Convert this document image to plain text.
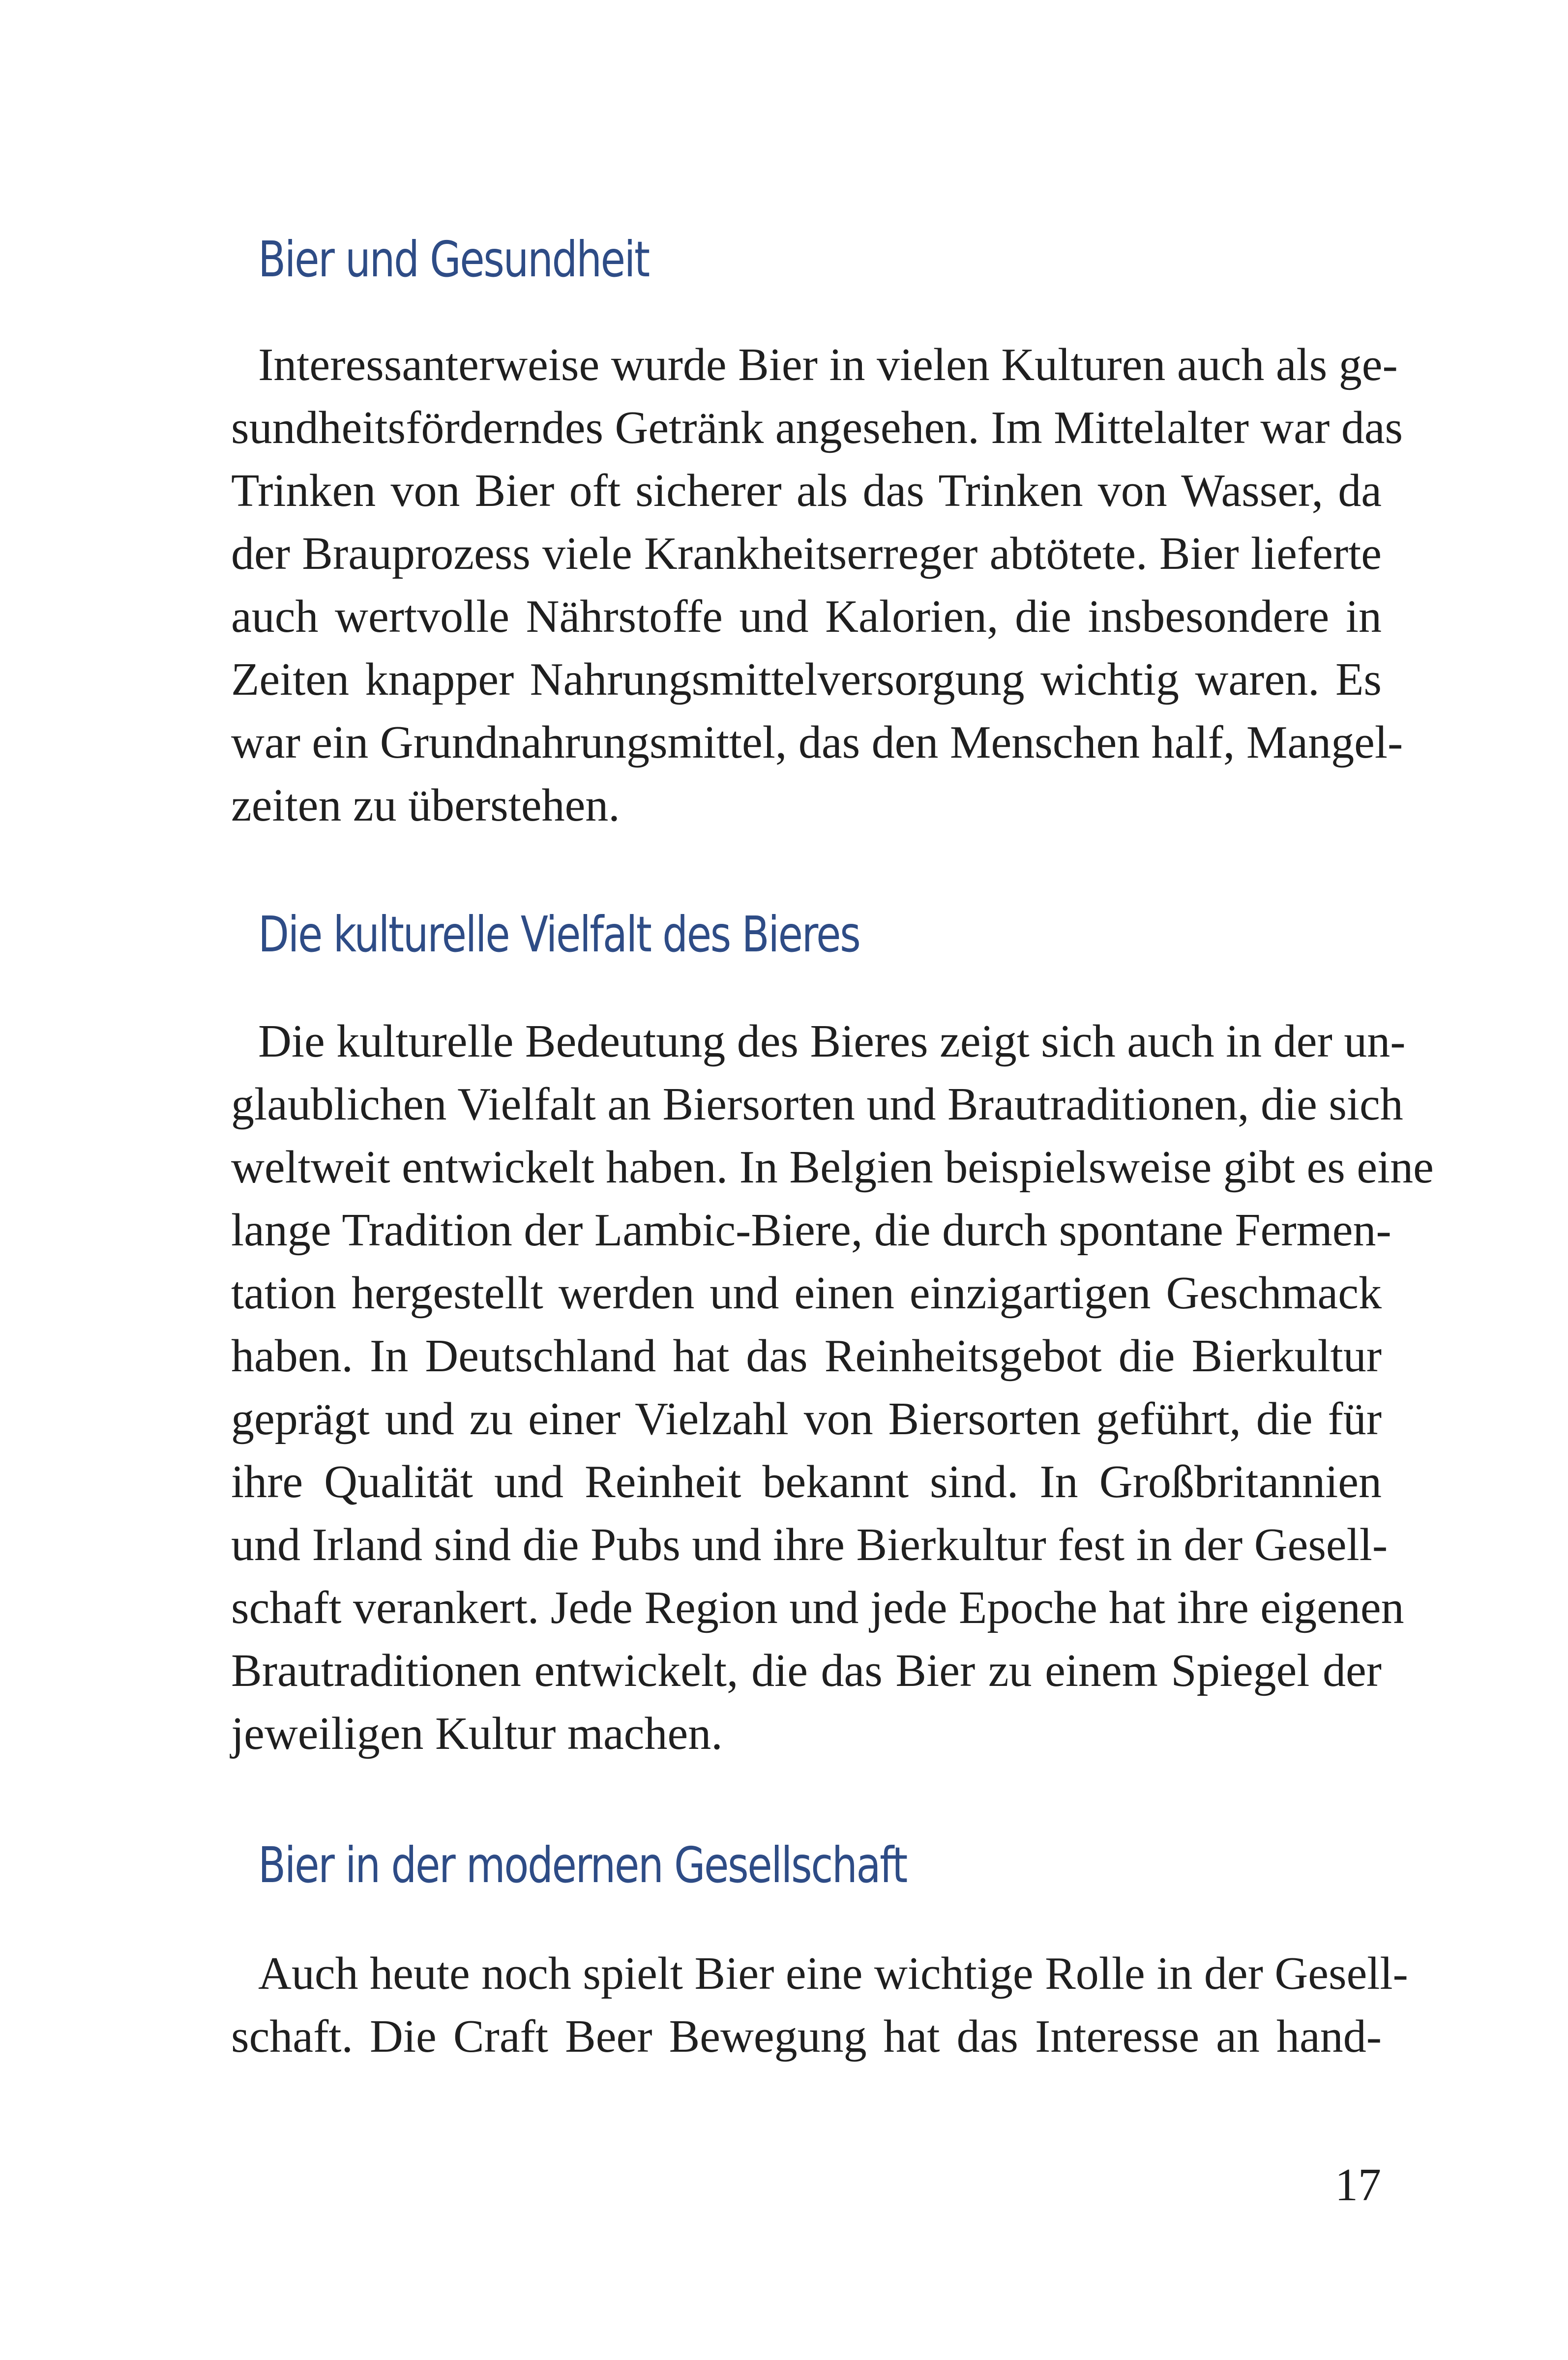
Bier und Gesundheit
Interessanterweise wurde Bier in vielen Kulturen auch als ge-
sundheitsförderndes Getränk angesehen. Im Mittelalter war das
Trinken von Bier oft sicherer als das Trinken von Wasser, da
der Brauprozess viele Krankheitserreger abtötete. Bier lieferte
auch wertvolle Nährstoffe und Kalorien, die insbesondere in
Zeiten knapper Nahrungsmittelversorgung wichtig waren. Es
war ein Grundnahrungsmittel, das den Menschen half, Mangel-
zeiten zu überstehen.
Die kulturelle Vielfalt des Bieres
Die kulturelle Bedeutung des Bieres zeigt sich auch in der un-
glaublichen Vielfalt an Biersorten und Brautraditionen, die sich
weltweit entwickelt haben. In Belgien beispielsweise gibt es eine
lange Tradition der Lambic-Biere, die durch spontane Fermen-
tation hergestellt werden und einen einzigartigen Geschmack
haben. In Deutschland hat das Reinheitsgebot die Bierkultur
geprägt und zu einer Vielzahl von Biersorten geführt, die für
ihre Qualität und Reinheit bekannt sind. In Großbritannien
und Irland sind die Pubs und ihre Bierkultur fest in der Gesell-
schaft verankert. Jede Region und jede Epoche hat ihre eigenen
Brautraditionen entwickelt, die das Bier zu einem Spiegel der
jeweiligen Kultur machen.
Bier in der modernen Gesellschaft
Auch heute noch spielt Bier eine wichtige Rolle in der Gesell-
schaft. Die Craft Beer Bewegung hat das Interesse an hand-
17
